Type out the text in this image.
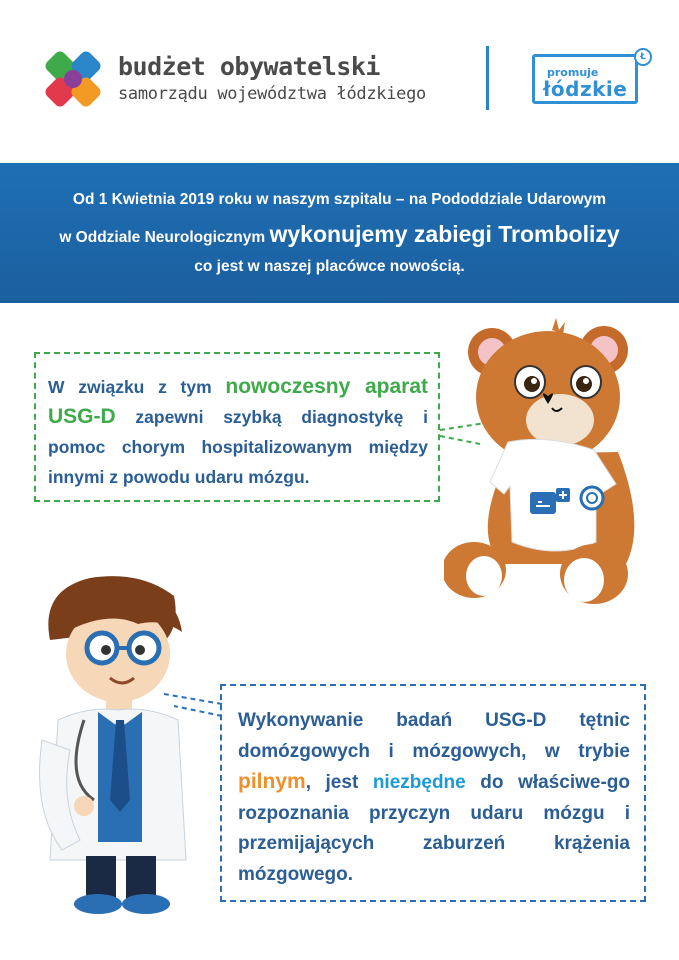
budżet obywatelski
samorządu województwa łódzkiego
promuje
łódzkie
Ł
Od 1 Kwietnia 2019 roku w naszym szpitalu – na Pododdziale Udarowym
w Oddziale Neurologicznym wykonujemy zabiegi Trombolizy
co jest w naszej placówce nowością.
W związku z tym nowoczesny aparat USG-D zapewni szybką diagnostykę i pomoc chorym hospitalizowanym między innymi z powodu udaru mózgu.
Wykonywanie badań USG-D tętnic domózgowych i mózgowych, w trybie pilnym, jest niezbędne do właściwe-go rozpoznania przyczyn udaru mózgu i przemijających zaburzeń krążenia mózgowego.
